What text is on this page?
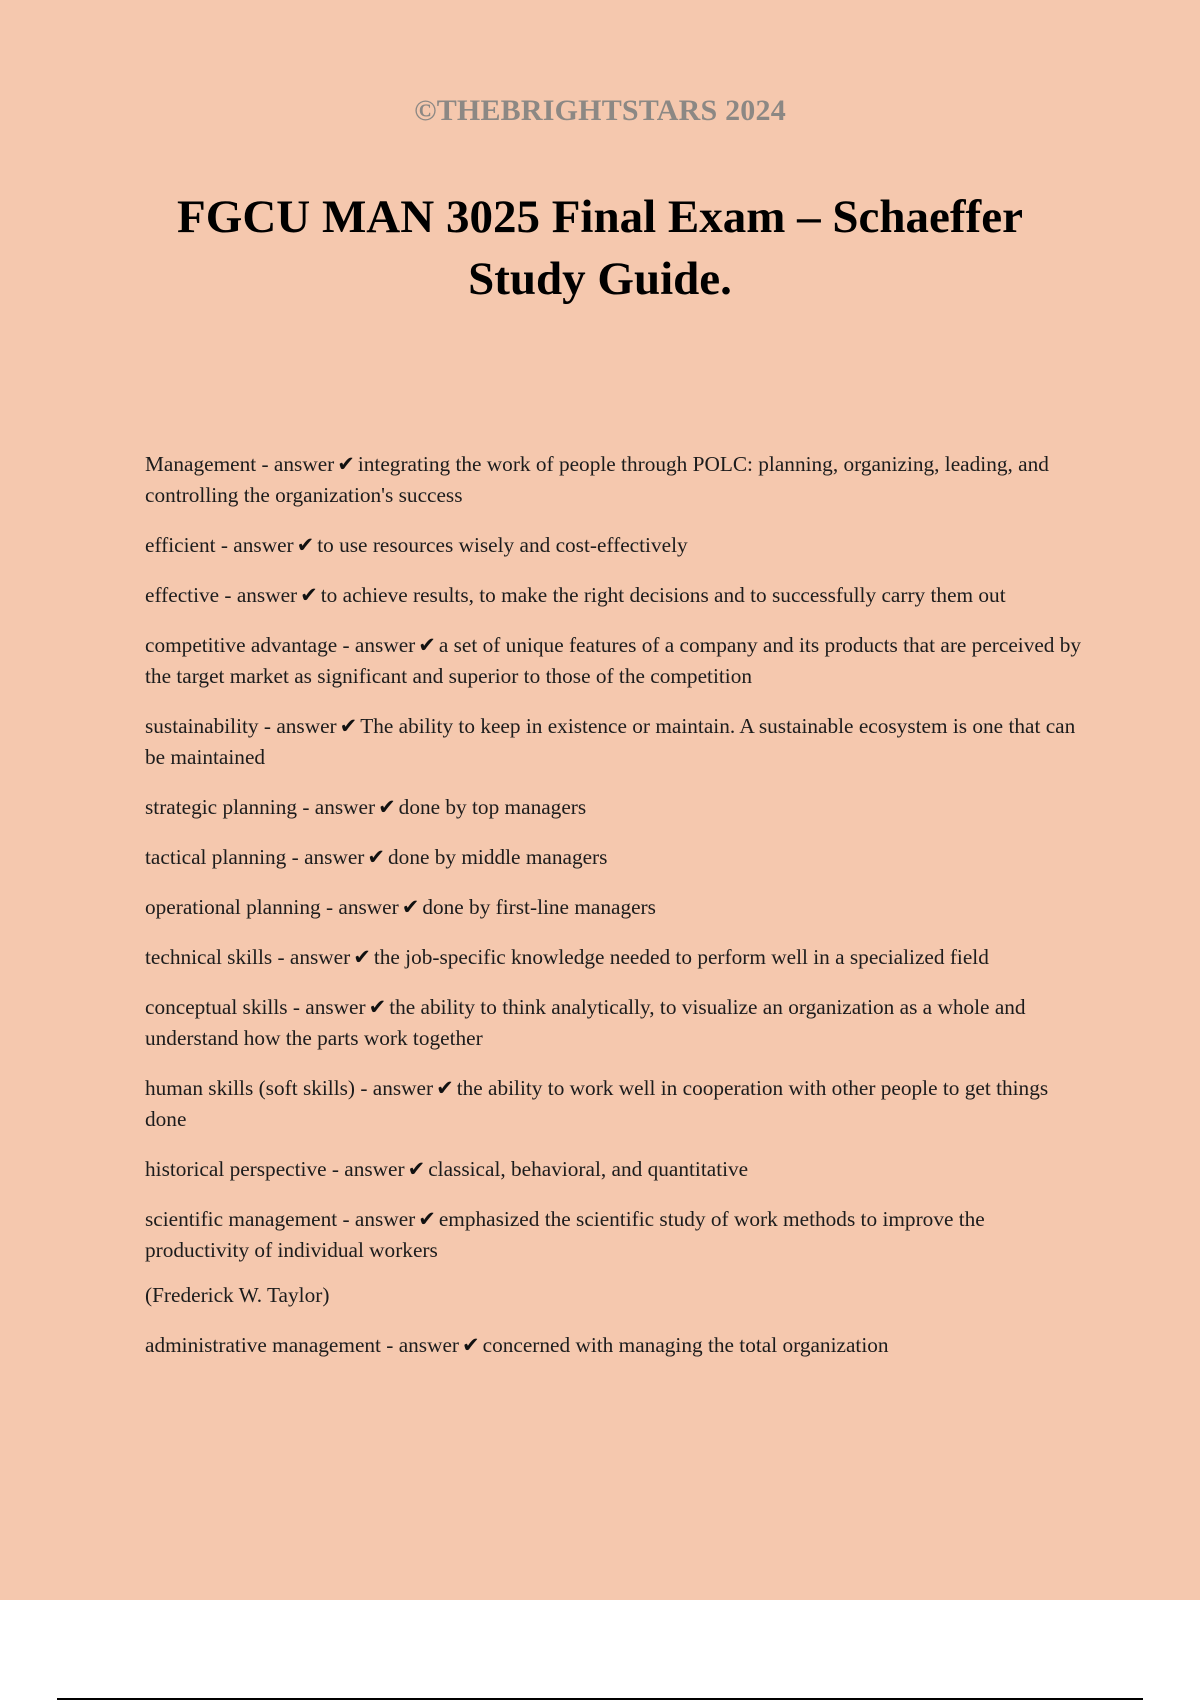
©THEBRIGHTSTARS 2024
FGCU MAN 3025 Final Exam – Schaeffer
Study Guide.
Management - answer ✔ integrating the work of people through POLC: planning, organizing, leading, and controlling the organization's success
efficient - answer ✔ to use resources wisely and cost-effectively
effective - answer ✔ to achieve results, to make the right decisions and to successfully carry them out
competitive advantage - answer ✔ a set of unique features of a company and its products that are perceived by the target market as significant and superior to those of the competition
sustainability - answer ✔ The ability to keep in existence or maintain. A sustainable ecosystem is one that can be maintained
strategic planning - answer ✔ done by top managers
tactical planning - answer ✔ done by middle managers
operational planning - answer ✔ done by first-line managers
technical skills - answer ✔ the job-specific knowledge needed to perform well in a specialized field
conceptual skills - answer ✔ the ability to think analytically, to visualize an organization as a whole and understand how the parts work together
human skills (soft skills) - answer ✔ the ability to work well in cooperation with other people to get things done
historical perspective - answer ✔ classical, behavioral, and quantitative
scientific management - answer ✔ emphasized the scientific study of work methods to improve the productivity of individual workers
(Frederick W. Taylor)
administrative management - answer ✔ concerned with managing the total organization
